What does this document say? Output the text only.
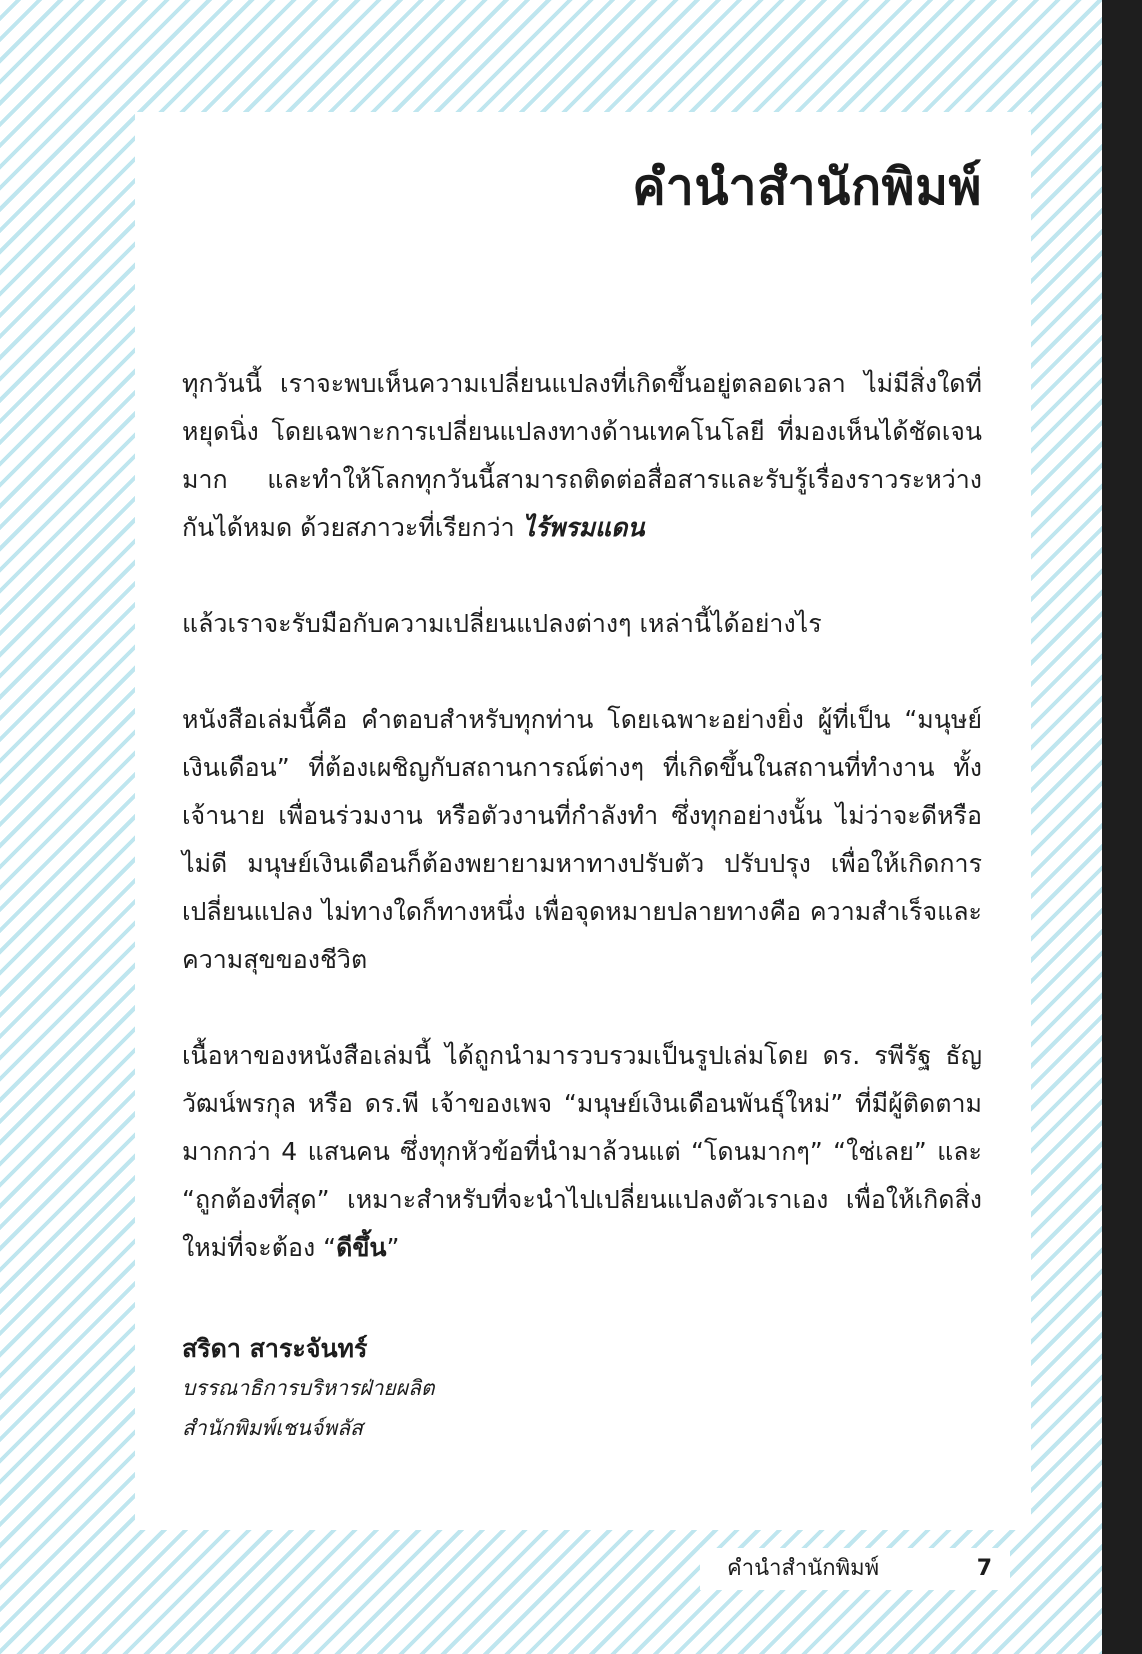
คำนำสำนักพิมพ์

ทุกวันนี้ เราจะพบเห็นความเปลี่ยนแปลงที่เกิดขึ้นอยู่ตลอดเวลา ไม่มีสิ่งใดที่หยุดนิ่ง โดยเฉพาะการเปลี่ยนแปลงทางด้านเทคโนโลยี ที่มองเห็นได้ชัดเจนมาก และทำให้โลกทุกวันนี้สามารถติดต่อสื่อสารและรับรู้เรื่องราวระหว่างกันได้หมด ด้วยสภาวะที่เรียกว่า ไร้พรมแดน

แล้วเราจะรับมือกับความเปลี่ยนแปลงต่างๆ เหล่านี้ได้อย่างไร

หนังสือเล่มนี้คือ คำตอบสำหรับทุกท่าน โดยเฉพาะอย่างยิ่ง ผู้ที่เป็น “มนุษย์เงินเดือน” ที่ต้องเผชิญกับสถานการณ์ต่างๆ ที่เกิดขึ้นในสถานที่ทำงาน ทั้งเจ้านาย เพื่อนร่วมงาน หรือตัวงานที่กำลังทำ ซึ่งทุกอย่างนั้น ไม่ว่าจะดีหรือไม่ดี มนุษย์เงินเดือนก็ต้องพยายามหาทางปรับตัว ปรับปรุง เพื่อให้เกิดการเปลี่ยนแปลง ไม่ทางใดก็ทางหนึ่ง เพื่อจุดหมายปลายทางคือ ความสำเร็จและความสุขของชีวิต

เนื้อหาของหนังสือเล่มนี้ ได้ถูกนำมารวบรวมเป็นรูปเล่มโดย ดร. รพีรัฐ ธัญวัฒน์พรกุล หรือ ดร.พี เจ้าของเพจ “มนุษย์เงินเดือนพันธุ์ใหม่” ที่มีผู้ติดตามมากกว่า 4 แสนคน ซึ่งทุกหัวข้อที่นำมาล้วนแต่ “โดนมากๆ” “ใช่เลย” และ “ถูกต้องที่สุด” เหมาะสำหรับที่จะนำไปเปลี่ยนแปลงตัวเราเอง เพื่อให้เกิดสิ่งใหม่ที่จะต้อง “ดีขึ้น”

สริดา สาระจันทร์

บรรณาธิการบริหารฝ่ายผลิต

สำนักพิมพ์เชนจ์พลัส

คำนำสำนักพิมพ์	7
